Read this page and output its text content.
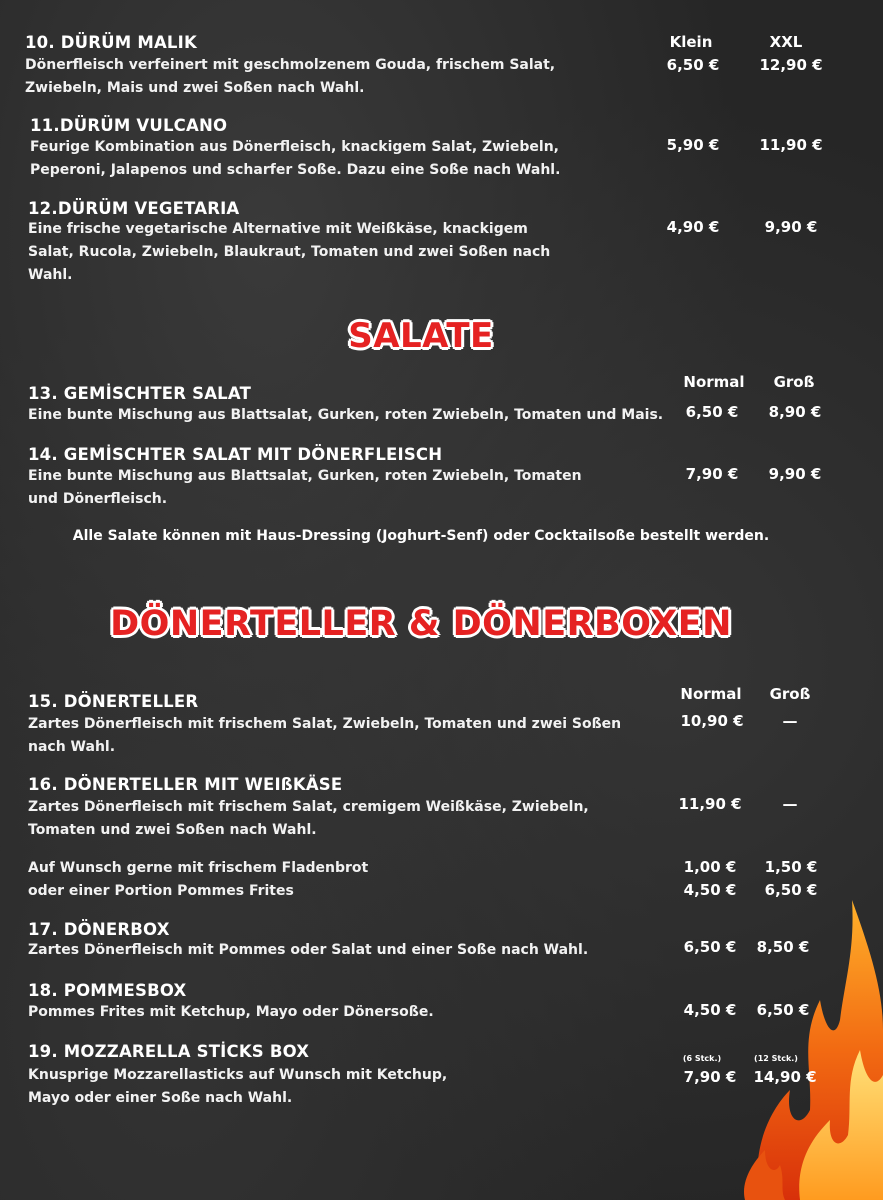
10. DÜRÜM MALIK	Klein	XXL
Dönerfleisch verfeinert mit geschmolzenem Gouda, frischem Salat, Zwiebeln, Mais und zwei Soßen nach Wahl.
6,50 €	12,90 €
11.DÜRÜM VULCANO
Feurige Kombination aus Dönerfleisch, knackigem Salat, Zwiebeln, Peperoni, Jalapenos und scharfer Soße. Dazu eine Soße nach Wahl.
5,90 €	11,90 €
12.DÜRÜM VEGETARIA
Eine frische vegetarische Alternative mit Weißkäse, knackigem Salat, Rucola, Zwiebeln, Blaukraut, Tomaten und zwei Soßen nach Wahl.
4,90 €	9,90 €
SALATE
Normal Groß
13. GEMİSCHTER SALAT
Eine bunte Mischung aus Blattsalat, Gurken, roten Zwiebeln, Tomaten und Mais.	6,50 € 8,90 €
14. GEMİSCHTER SALAT MIT DÖNERFLEISCH
Eine bunte Mischung aus Blattsalat, Gurken, roten Zwiebeln, Tomaten und Dönerfleisch.
7,90 € 9,90 €
Alle Salate können mit Haus-Dressing (Joghurt-Senf) oder Cocktailsoße bestellt werden.
DÖNERTELLER & DÖNERBOXEN
Normal Groß
15. DÖNERTELLER
Zartes Dönerfleisch mit frischem Salat, Zwiebeln, Tomaten und zwei Soßen nach Wahl.
10,90 €	—
16. DÖNERTELLER MIT WEIßKÄSE
Zartes Dönerfleisch mit frischem Salat, cremigem Weißkäse, Zwiebeln, Tomaten und zwei Soßen nach Wahl.
11,90 €	—
Auf Wunsch gerne mit frischem Fladenbrot
oder einer Portion Pommes Frites
1,00 € 1,50 €
4,50 € 6,50 €
17. DÖNERBOX
Zartes Dönerfleisch mit Pommes oder Salat und einer Soße nach Wahl.	6,50 € 8,50 €
18. POMMESBOX
Pommes Frites mit Ketchup, Mayo oder Dönersoße.	4,50 € 6,50 €
19. MOZZARELLA STİCKS BOX
Knusprige Mozzarellasticks auf Wunsch mit Ketchup, Mayo oder einer Soße nach Wahl.
(6 Stck.)	(12 Stck.)
7,90 € 14,90 €
